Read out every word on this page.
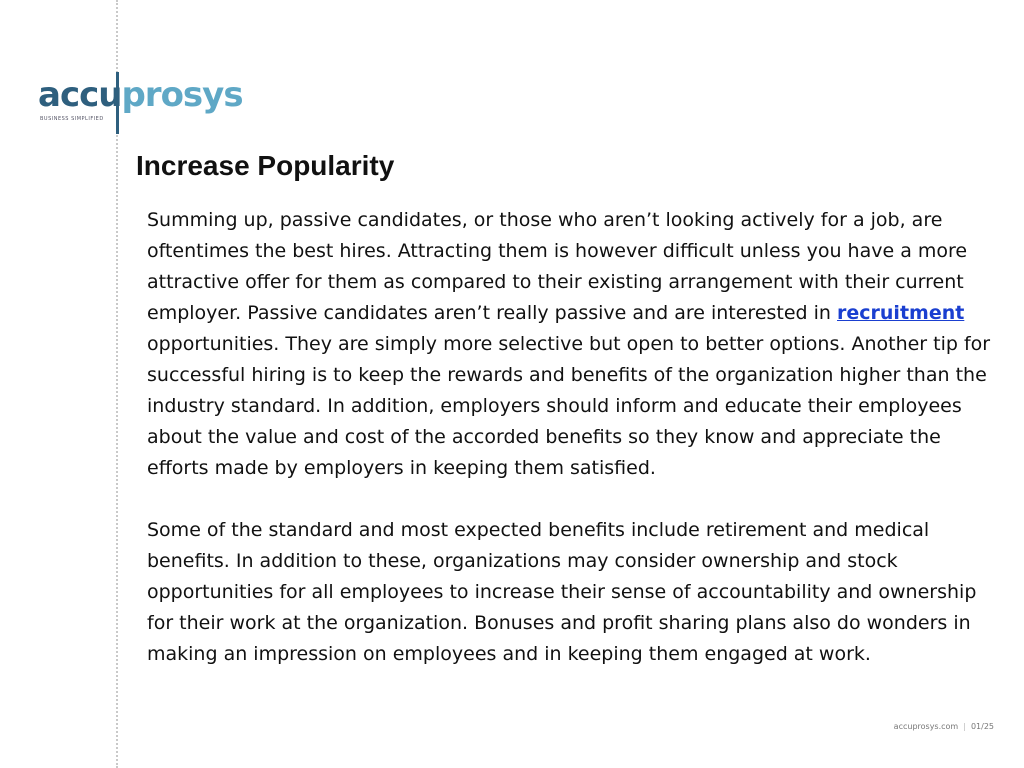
accuprosys
BUSINESS SIMPLIFIED
Increase Popularity

Summing up, passive candidates, or those who aren’t looking actively for a job, are oftentimes the best hires. Attracting them is however difficult unless you have a more attractive offer for them as compared to their existing arrangement with their current employer. Passive candidates aren’t really passive and are interested in recruitment opportunities. They are simply more selective but open to better options. Another tip for successful hiring is to keep the rewards and benefits of the organization higher than the industry standard. In addition, employers should inform and educate their employees about the value and cost of the accorded benefits so they know and appreciate the efforts made by employers in keeping them satisfied.

Some of the standard and most expected benefits include retirement and medical benefits. In addition to these, organizations may consider ownership and stock opportunities for all employees to increase their sense of accountability and ownership for their work at the organization. Bonuses and profit sharing plans also do wonders in making an impression on employees and in keeping them engaged at work.

accuprosys.com | 01/25
